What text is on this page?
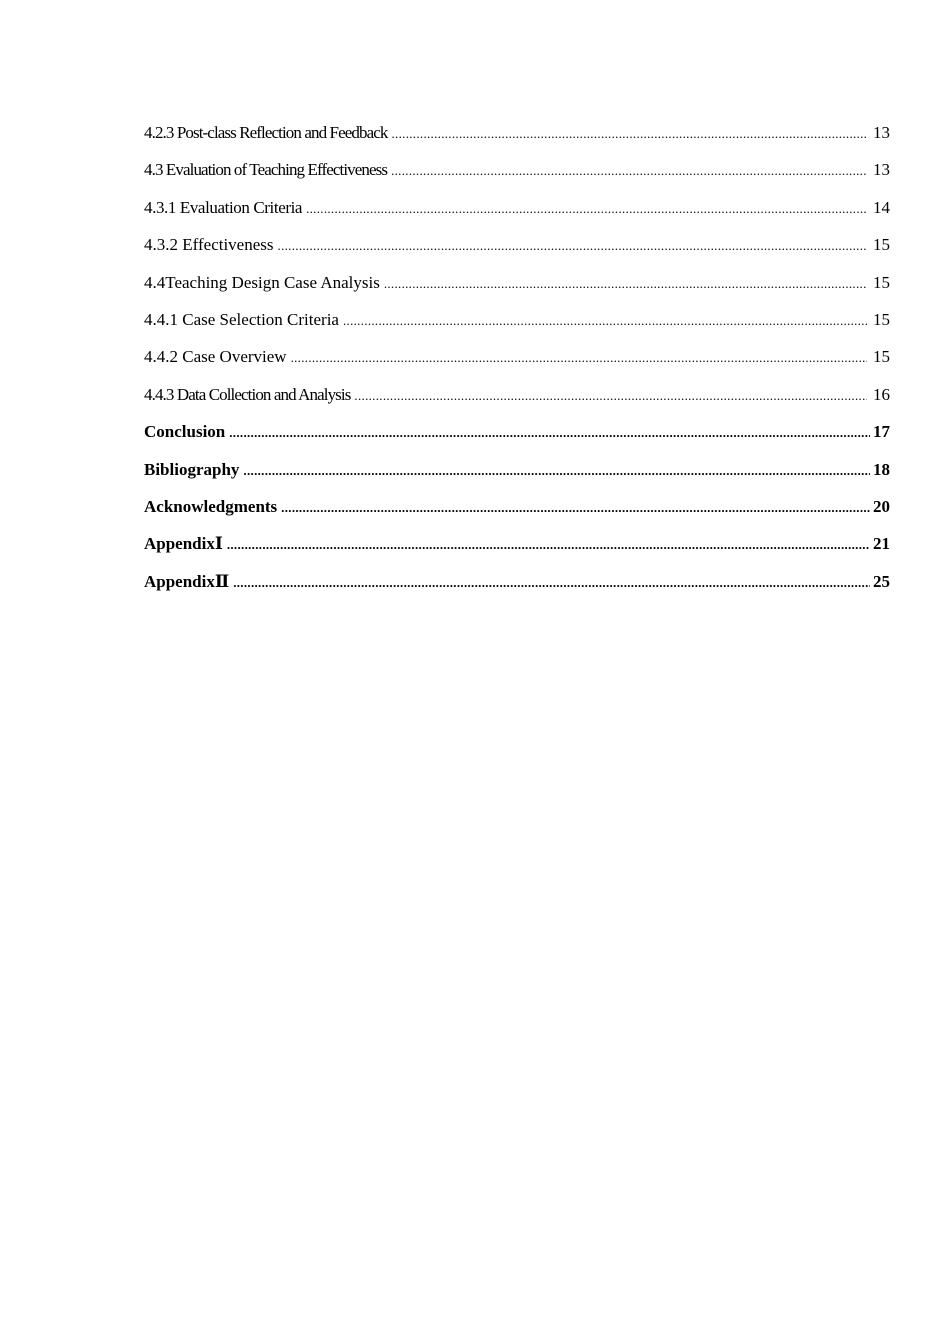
4.2.3 Post-class Reflection and Feedback .....	13
4.3 Evaluation of Teaching Effectiveness .....	13
4.3.1 Evaluation Criteria .....	14
4.3.2 Effectiveness .....	15
4.4Teaching Design Case Analysis .....	15
4.4.1 Case Selection Criteria .....	15
4.4.2 Case Overview .....	15
4.4.3 Data Collection and Analysis .....	16
Conclusion .....	17
Bibliography .....	18
Acknowledgments .....	20
AppendixⅠ .....	21
AppendixⅡ .....	25
